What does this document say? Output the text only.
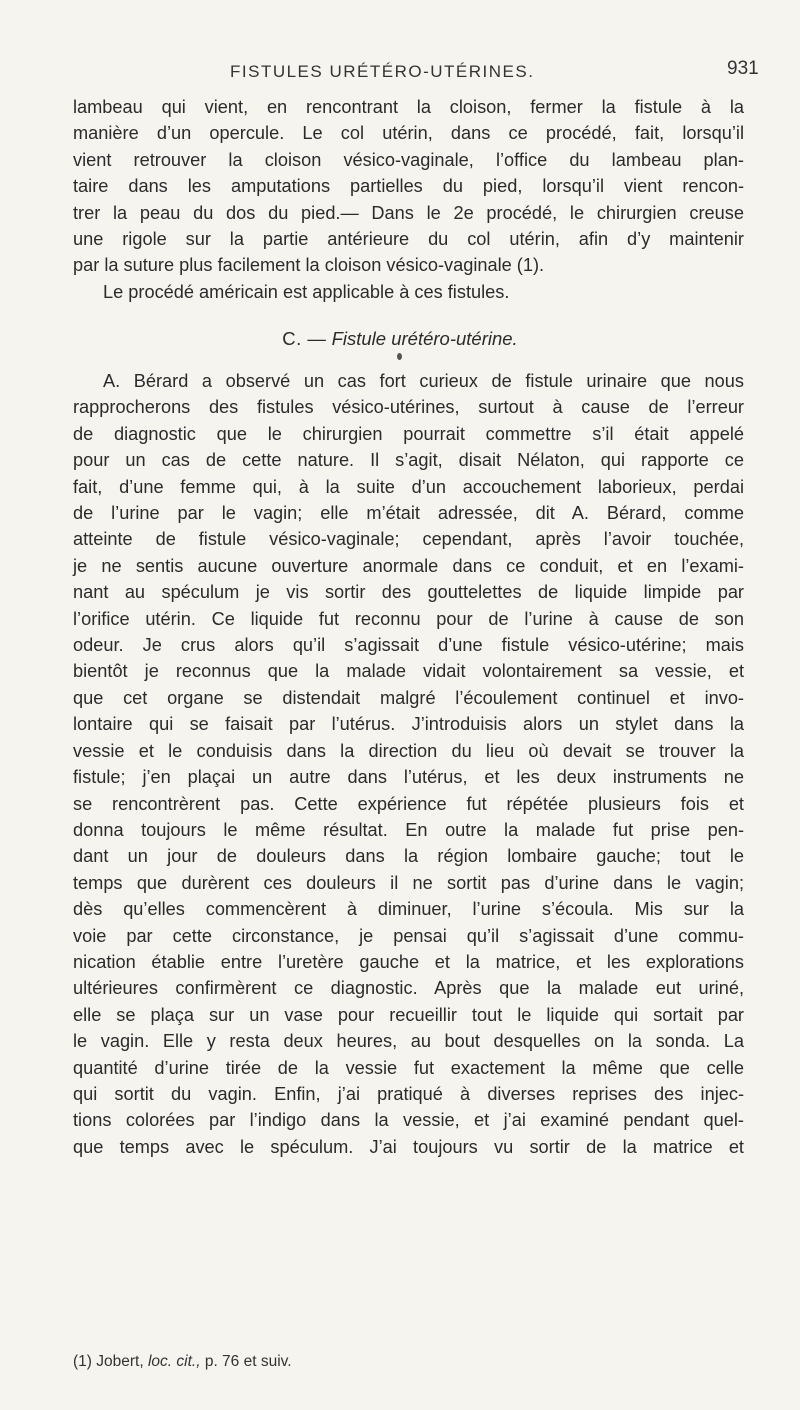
FISTULES URÉTÉRO-UTÉRINES.	931
lambeau qui vient, en rencontrant la cloison, fermer la fistule à la
manière d’un opercule. Le col utérin, dans ce procédé, fait, lorsqu’il
vient retrouver la cloison vésico-vaginale, l’office du lambeau plan-
taire dans les amputations partielles du pied, lorsqu’il vient rencon-
trer la peau du dos du pied.— Dans le 2e procédé, le chirurgien creuse
une rigole sur la partie antérieure du col utérin, afin d’y maintenir
par la suture plus facilement la cloison vésico-vaginale (1).
Le procédé américain est applicable à ces fistules.
C. — Fistule urétéro-utérine.
A. Bérard a observé un cas fort curieux de fistule urinaire que nous
rapprocherons des fistules vésico-utérines, surtout à cause de l’erreur
de diagnostic que le chirurgien pourrait commettre s’il était appelé
pour un cas de cette nature. Il s’agit, disait Nélaton, qui rapporte ce
fait, d’une femme qui, à la suite d’un accouchement laborieux, perdai
de l’urine par le vagin; elle m’était adressée, dit A. Bérard, comme
atteinte de fistule vésico-vaginale; cependant, après l’avoir touchée,
je ne sentis aucune ouverture anormale dans ce conduit, et en l’exami-
nant au spéculum je vis sortir des gouttelettes de liquide limpide par
l’orifice utérin. Ce liquide fut reconnu pour de l’urine à cause de son
odeur. Je crus alors qu’il s’agissait d’une fistule vésico-utérine; mais
bientôt je reconnus que la malade vidait volontairement sa vessie, et
que cet organe se distendait malgré l’écoulement continuel et invo-
lontaire qui se faisait par l’utérus. J’introduisis alors un stylet dans la
vessie et le conduisis dans la direction du lieu où devait se trouver la
fistule; j’en plaçai un autre dans l’utérus, et les deux instruments ne
se rencontrèrent pas. Cette expérience fut répétée plusieurs fois et
donna toujours le même résultat. En outre la malade fut prise pen-
dant un jour de douleurs dans la région lombaire gauche; tout le
temps que durèrent ces douleurs il ne sortit pas d’urine dans le vagin;
dès qu’elles commencèrent à diminuer, l’urine s’écoula. Mis sur la
voie par cette circonstance, je pensai qu’il s’agissait d’une commu-
nication établie entre l’uretère gauche et la matrice, et les explorations
ultérieures confirmèrent ce diagnostic. Après que la malade eut uriné,
elle se plaça sur un vase pour recueillir tout le liquide qui sortait par
le vagin. Elle y resta deux heures, au bout desquelles on la sonda. La
quantité d’urine tirée de la vessie fut exactement la même que celle
qui sortit du vagin. Enfin, j’ai pratiqué à diverses reprises des injec-
tions colorées par l’indigo dans la vessie, et j’ai examiné pendant quel-
que temps avec le spéculum. J’ai toujours vu sortir de la matrice et
(1) Jobert, loc. cit., p. 76 et suiv.
